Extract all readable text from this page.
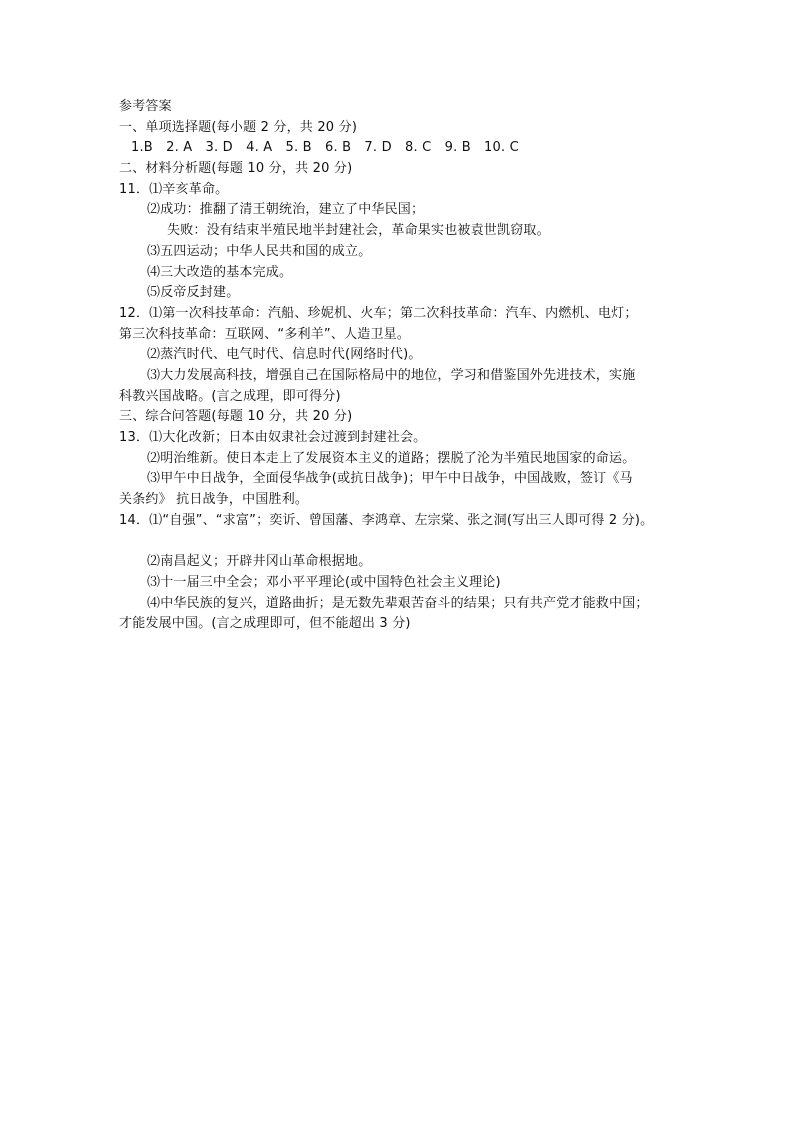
参考答案
一、单项选择题(每小题 2 分，共 20 分)
1.B　2. A　3. D　4. A　5. B　6. B　7. D　8. C　9. B　10. C
二、材料分析题(每题 10 分，共 20 分)
11．⑴辛亥革命。
⑵成功：推翻了清王朝统治，建立了中华民国；
失败：没有结束半殖民地半封建社会，革命果实也被袁世凯窃取。
⑶五四运动；中华人民共和国的成立。
⑷三大改造的基本完成。
⑸反帝反封建。
12．⑴第一次科技革命：汽船、珍妮机、火车；第二次科技革命：汽车、内燃机、电灯；
第三次科技革命：互联网、“多利羊”、人造卫星。
⑵蒸汽时代、电气时代、信息时代(网络时代)。
⑶大力发展高科技，增强自己在国际格局中的地位，学习和借鉴国外先进技术，实施
科教兴国战略。(言之成理，即可得分)
三、综合问答题(每题 10 分，共 20 分)
13．⑴大化改新；日本由奴隶社会过渡到封建社会。
⑵明治维新。使日本走上了发展资本主义的道路；摆脱了沦为半殖民地国家的命运。
⑶甲午中日战争，全面侵华战争(或抗日战争)；甲午中日战争，中国战败，签订《马
关条约》 抗日战争，中国胜利。
14．⑴“自强”、“求富”；奕䜣、曾国藩、李鸿章、左宗棠、张之洞(写出三人即可得 2 分)。
⑵南昌起义；开辟井冈山革命根据地。
⑶十一届三中全会；邓小平平理论(或中国特色社会主义理论)
⑷中华民族的复兴，道路曲折；是无数先辈艰苦奋斗的结果；只有共产党才能救中国；
才能发展中国。(言之成理即可，但不能超出 3 分)
